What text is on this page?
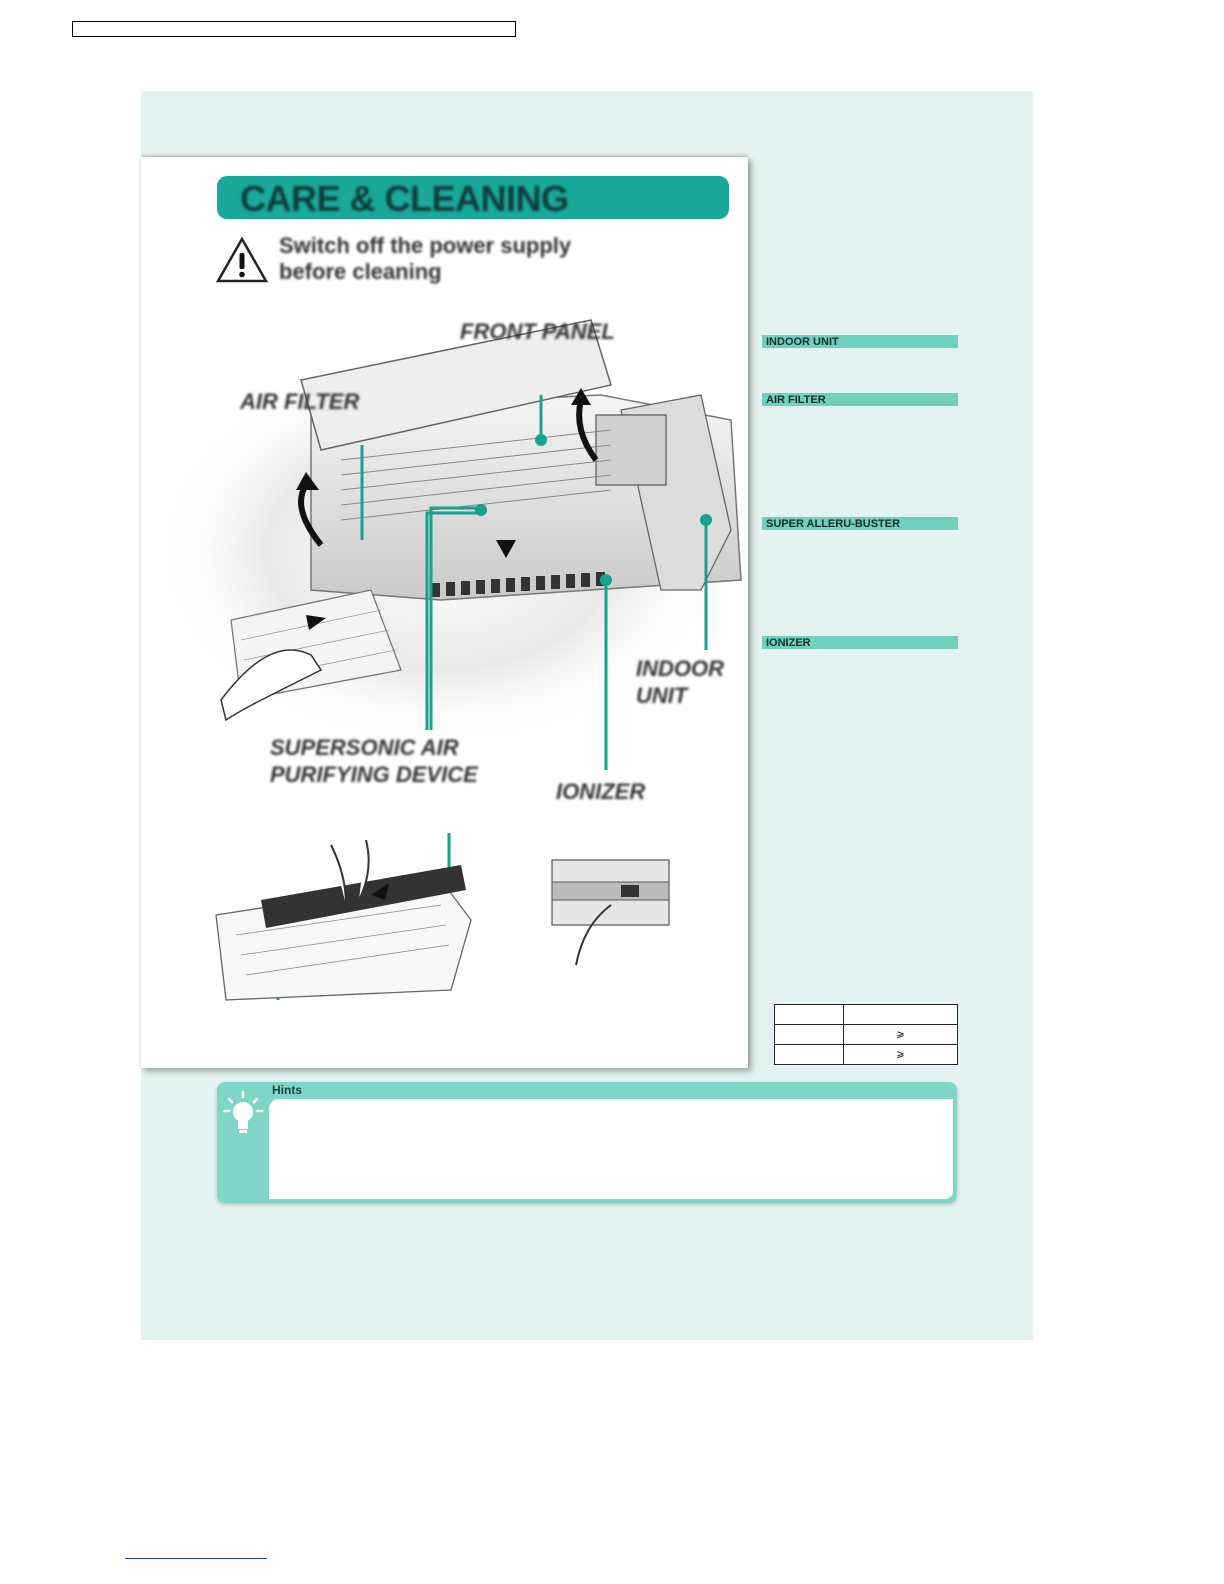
CARE & CLEANING
Switch off the power supply before cleaning
FRONT PANEL
AIR FILTER
INDOOR UNIT
SUPERSONIC AIR PURIFYING DEVICE
IONIZER
INDOOR UNIT
AIR FILTER
SUPER ALLERU-BUSTER
IONIZER

	⩾
	⩾
Hints
